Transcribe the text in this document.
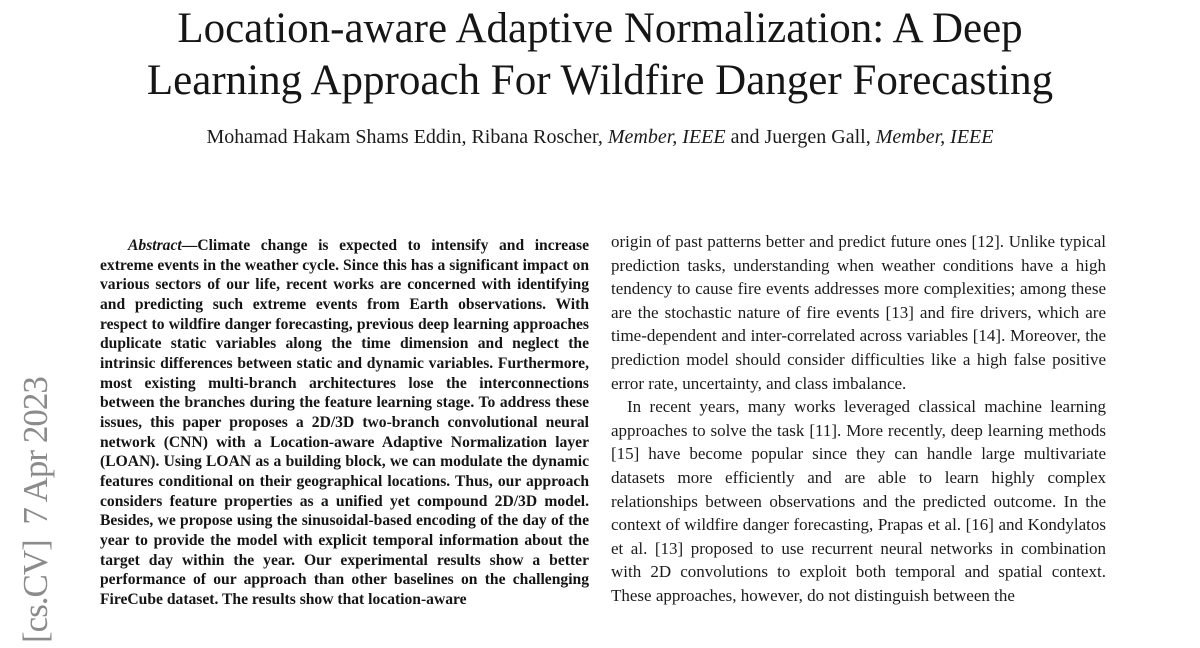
[cs.CV]  7 Apr 2023
Location-aware Adaptive Normalization: A Deep
Learning Approach For Wildfire Danger Forecasting
Mohamad Hakam Shams Eddin, Ribana Roscher, Member, IEEE and Juergen Gall, Member, IEEE

Abstract—Climate change is expected to intensify and increase extreme events in the weather cycle. Since this has a significant impact on various sectors of our life, recent works are concerned with identifying and predicting such extreme events from Earth observations. With respect to wildfire danger forecasting, previous deep learning approaches duplicate static variables along the time dimension and neglect the intrinsic differences between static and dynamic variables. Furthermore, most existing multi-branch architectures lose the interconnections between the branches during the feature learning stage. To address these issues, this paper proposes a 2D/3D two-branch convolutional neural network (CNN) with a Location-aware Adaptive Normalization layer (LOAN). Using LOAN as a building block, we can modulate the dynamic features conditional on their geographical locations. Thus, our approach considers feature properties as a unified yet compound 2D/3D model. Besides, we propose using the sinusoidal-based encoding of the day of the year to provide the model with explicit temporal information about the target day within the year. Our experimental results show a better performance of our approach than other baselines on the challenging FireCube dataset. The results show that location-aware

origin of past patterns better and predict future ones [12]. Unlike typical prediction tasks, understanding when weather conditions have a high tendency to cause fire events addresses more complexities; among these are the stochastic nature of fire events [13] and fire drivers, which are time-dependent and inter-correlated across variables [14]. Moreover, the prediction model should consider difficulties like a high false positive error rate, uncertainty, and class imbalance.

In recent years, many works leveraged classical machine learning approaches to solve the task [11]. More recently, deep learning methods [15] have become popular since they can handle large multivariate datasets more efficiently and are able to learn highly complex relationships between observations and the predicted outcome. In the context of wildfire danger forecasting, Prapas et al. [16] and Kondylatos et al. [13] proposed to use recurrent neural networks in combination with 2D convolutions to exploit both temporal and spatial context. These approaches, however, do not distinguish between the
